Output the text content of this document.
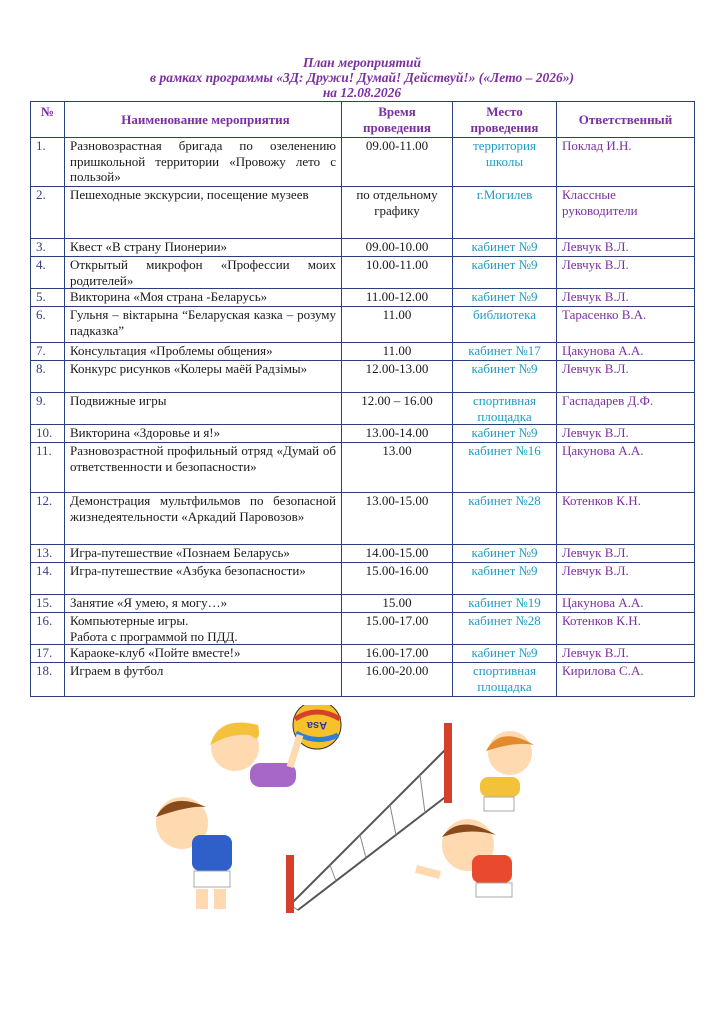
План мероприятий
в рамках программы «3Д: Дружи! Думай! Действуй!» («Лето – 2026»)
на 12.08.2026
№	Наименование мероприятия	Время проведения	Место проведения	Ответственный
1.	Разновозрастная бригада по озеленению пришкольной территории «Провожу лето с пользой»	09.00-11.00	территория школы	Поклад И.Н.
2.	Пешеходные экскурсии, посещение музеев	по отдельному графику	г.Могилев	Классные руководители
3.	Квест «В страну Пионерии»	09.00-10.00	кабинет №9	Левчук В.Л.
4.	Открытый микрофон «Профессии моих родителей»	10.00-11.00	кабинет №9	Левчук В.Л.
5.	Викторина «Моя страна -Беларусь»	11.00-12.00	кабинет №9	Левчук В.Л.
6.	Гульня – віктарына “Беларуская казка – розуму падказка”	11.00	библиотека	Тарасенко В.А.
7.	Консультация «Проблемы общения»	11.00	кабинет №17	Цакунова А.А.
8.	Конкурс рисунков «Колеры маёй Радзімы»	12.00-13.00	кабинет №9	Левчук В.Л.
9.	Подвижные игры	12.00 – 16.00	спортивная площадка	Гаспадарев Д.Ф.
10.	Викторина «Здоровье и я!»	13.00-14.00	кабинет №9	Левчук В.Л.
11.	Разновозрастной профильный отряд «Думай об ответственности и безопасности»	13.00	кабинет №16	Цакунова А.А.
12.	Демонстрация мультфильмов по безопасной жизнедеятельности «Аркадий Паровозов»	13.00-15.00	кабинет №28	Котенков К.Н.
13.	Игра-путешествие «Познаем Беларусь»	14.00-15.00	кабинет №9	Левчук В.Л.
14.	Игра-путешествие «Азбука безопасности»	15.00-16.00	кабинет №9	Левчук В.Л.
15.	Занятие «Я умею, я могу…»	15.00	кабинет №19	Цакунова А.А.
16.	Компьютерные игры.
Работа с программой по ПДД.	15.00-17.00	кабинет №28	Котенков К.Н.
17.	Караоке-клуб «Пойте вместе!»	16.00-17.00	кабинет №9	Левчук В.Л.
18.	Играем в футбол	16.00-20.00	спортивная площадка	Кирилова С.А.
Asa
